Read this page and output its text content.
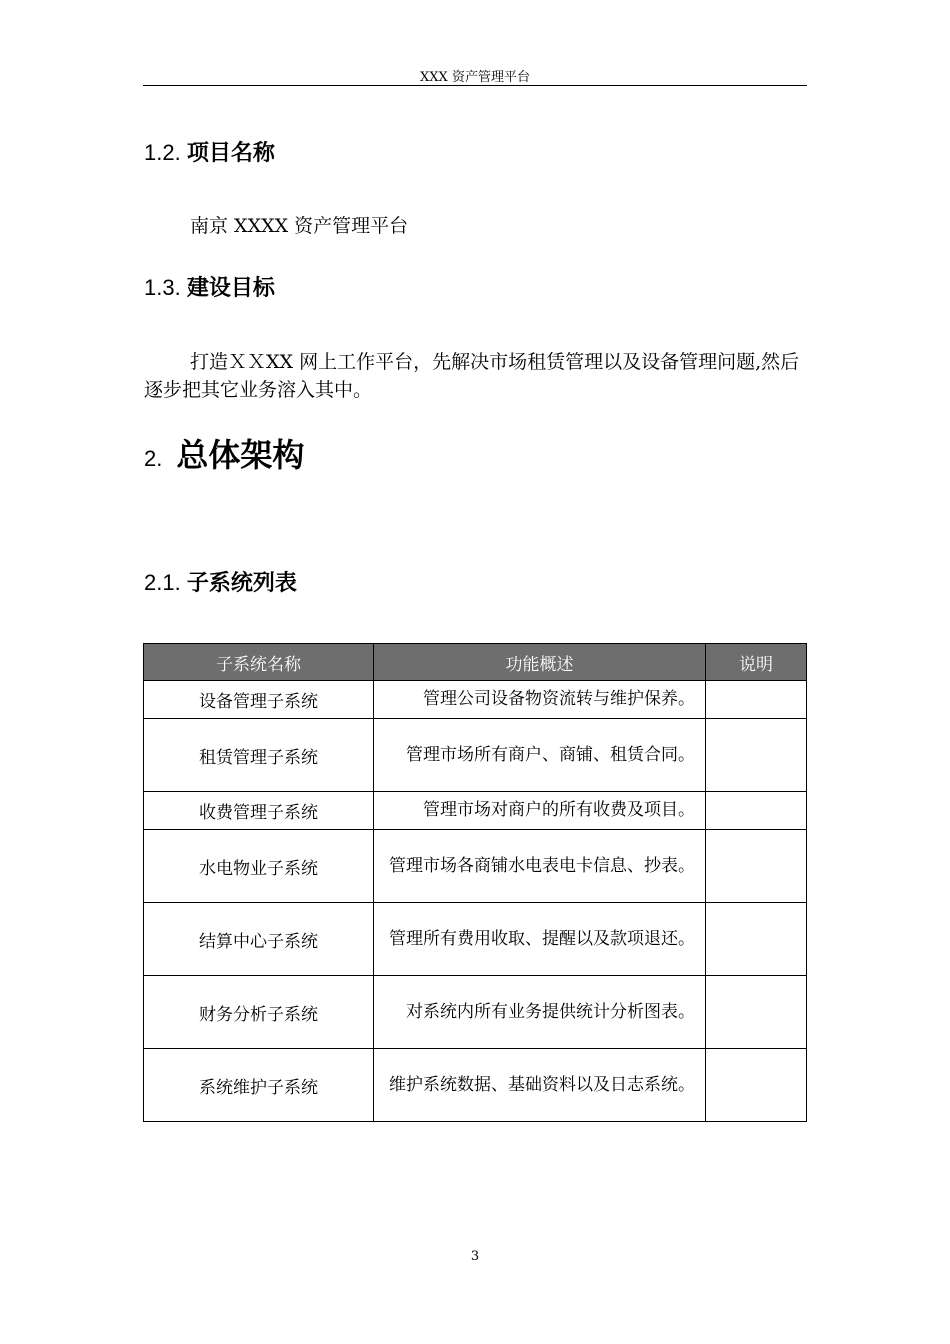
XXX 资产管理平台
1.2. 项目名称
南京 XXXX 资产管理平台
1.3. 建设目标
打造ＸＸXX 网上工作平台，先解决市场租赁管理以及设备管理问题,然后逐步把其它业务溶入其中。
2. 总体架构
2.1. 子系统列表
子系统名称	功能概述	说明
设备管理子系统	管理公司设备物资流转与维护保养。	
租赁管理子系统	管理市场所有商户、商铺、租赁合同。	
收费管理子系统	管理市场对商户的所有收费及项目。	
水电物业子系统	管理市场各商铺水电表电卡信息、抄表。	
结算中心子系统	管理所有费用收取、提醒以及款项退还。	
财务分析子系统	对系统内所有业务提供统计分析图表。	
系统维护子系统	维护系统数据、基础资料以及日志系统。	
3
